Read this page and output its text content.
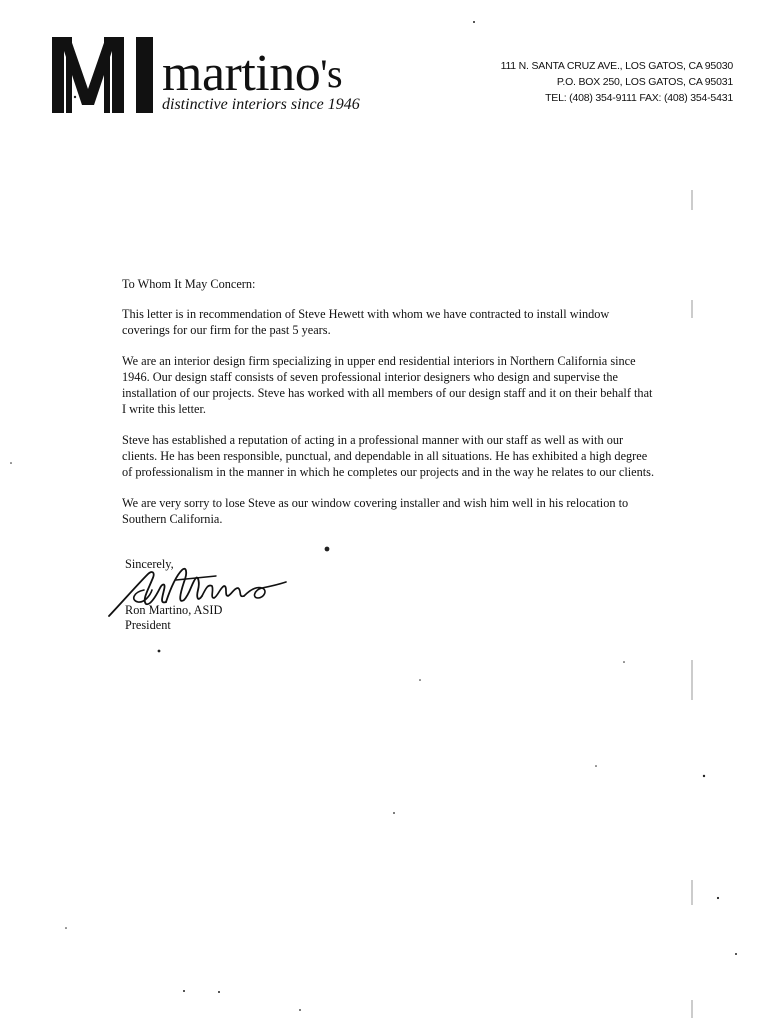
martino$^{'s}$
distinctive interiors since 1946
111 N. SANTA CRUZ AVE., LOS GATOS, CA 95030
P.O. BOX 250, LOS GATOS, CA 95031
TEL: (408) 354-9111 FAX: (408) 354-5431
To Whom It May Concern:

This letter is in recommendation of Steve Hewett with whom we have contracted to install window coverings for our firm for the past 5 years.

We are an interior design firm specializing in upper end residential interiors in Northern California since 1946. Our design staff consists of seven professional interior designers who design and supervise the installation of our projects. Steve has worked with all members of our design staff and it on their behalf that I write this letter.

Steve has established a reputation of acting in a professional manner with our staff as well as with our clients. He has been responsible, punctual, and dependable in all situations. He has exhibited a high degree of professionalism in the manner in which he completes our projects and in the way he relates to our clients.

We are very sorry to lose Steve as our window covering installer and wish him well in his relocation to Southern California.

Sincerely,
Ron Martino, ASID
President
